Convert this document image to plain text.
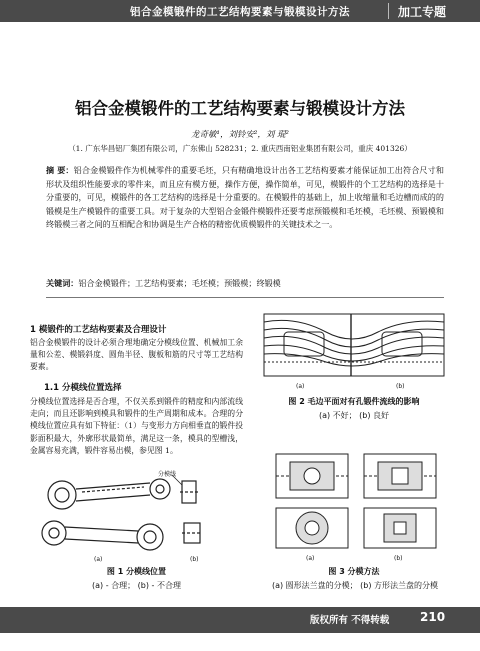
铝合金模锻件的工艺结构要素与锻模设计方法	加工专题
铝合金模锻件的工艺结构要素与锻模设计方法
龙奇敏¹，刘铃安²，刘 琨²
（1. 广东华昌铝厂集团有限公司，广东佛山 528231；2. 重庆西南铝业集团有限公司，重庆 401326）
摘 要：铝合金模锻件作为机械零件的重要毛坯，只有精确地设计出各工艺结构要素才能保证加工出符合尺寸和形状及组织性能要求的零件来，而且应有模方便，操作方便，操作简单，可见，模锻件的个工艺结构的选择是十分重要的，可见，模锻件的各工艺结构的选择是十分重要的。在模锻件的基础上，加上收缩量和毛边槽而成的的锻模是生产模锻件的重要工具。对于复杂的大型铝合金锻件模锻件还要考虑预锻模和毛坯模，毛坯模、预锻模和终锻模三者之间的互相配合和协调是生产合格的精密优质模锻件的关键技术之一。
关键词：铝合金模锻件；工艺结构要素；毛坯模；预锻模；终锻模
1 模锻件的工艺结构要素及合理设计
铝合金模锻件的设计必须合理地确定分模线位置、机械加工余量和公差、模锻斜度、圆角半径、腹板和筋的尺寸等工艺结构要素。
1.1 分模线位置选择
分模线位置选择是否合理，不仅关系到锻件的精度和内部流线走向；而且还影响到模具和锻件的生产周期和成本。合理的分模线位置应具有如下特征：（1）与变形力方向相垂直的锻件投影面积最大，外廓形状最简单，满足这一条，模具的型槽浅，金属容易充满，锻件容易出模，参见图 1。
分模线
(a)	(b)
图 1 分模线位置
(a) - 合理； (b) - 不合理
(a)	(b)
图 2 毛边平面对有孔锻件流线的影响
(a) 不好； (b) 良好
(a)	(b)
图 3 分模方法
(a) 圆形法兰盘的分模； (b) 方形法兰盘的分模
版权所有 不得转载	210
